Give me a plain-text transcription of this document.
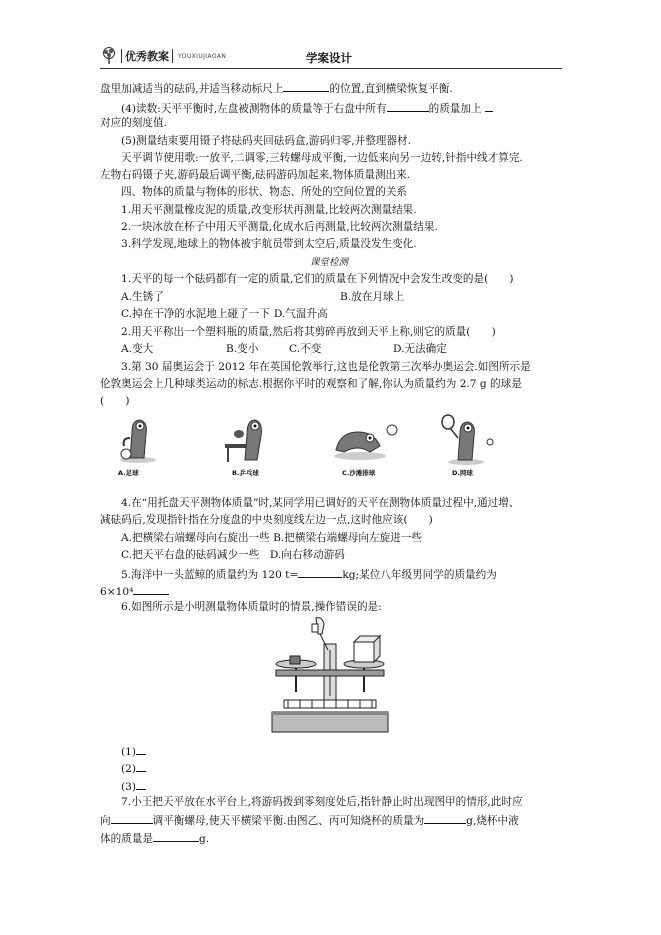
优秀教案 YOUXIUJIAOAN	学案设计
盘里加减适当的砝码,并适当移动标尺上	的位置,直到横梁恢复平衡.
(4)读数:天平平衡时,左盘被测物体的质量等于右盘中所有	的质量加上
对应的刻度值.
(5)测量结束要用镊子将砝码夹回砝码盒,游码归零,并整理器材.
天平调节使用歌:一放平,二调零,三转螺母成平衡,一边低来向另一边转,针指中线才算完.
左物右码镊子夹,游码最后调平衡,砝码游码加起来,物体质量测出来.
四、物体的质量与物体的形状、物态、所处的空间位置的关系
1.用天平测量橡皮泥的质量,改变形状再测量,比较两次测量结果.
2.一块冰放在杯子中用天平测量,化成水后再测量,比较两次测量结果.
3.科学发现,地球上的物体被宇航员带到太空后,质量没发生变化.
课堂检测
1.天平的每一个砝码都有一定的质量,它们的质量在下列情况中会发生改变的是(　　)
A.生锈了	B.放在月球上
C.掉在干净的水泥地上碰了一下 D.气温升高
2.用天平称出一个塑料瓶的质量,然后将其剪碎再放到天平上称,则它的质量(　　)
A.变大	B.变小	C.不变	D.无法确定
3.第 30 届奥运会于 2012 年在英国伦敦举行,这也是伦敦第三次举办奥运会.如图所示是
伦敦奥运会上几种球类运动的标志.根据你平时的观察和了解,你认为质量约为 2.7 g 的球是
(　　)
A.足球	B.乒乓球	C.沙滩排球	D.网球
4.在“用托盘天平测物体质量”时,某同学用已调好的天平在测物体质量过程中,通过增、
减砝码后,发现指针指在分度盘的中央刻度线左边一点,这时他应该(　　)
A.把横梁右端螺母向右旋出一些 B.把横梁右端螺母向左旋进一些
C.把天平右盘的砝码减少一些　D.向右移动游码
5.海洋中一头蓝鲸的质量约为 120 t=	kg;某位八年级男同学的质量约为
6×10⁴
6.如图所示是小明测量物体质量时的情景,操作错误的是:
(1)
(2)
(3)
7.小王把天平放在水平台上,将游码拨到零刻度处后,指针静止时出现图甲的情形,此时应
向	调平衡螺母,使天平横梁平衡.由图乙、丙可知烧杯的质量为	g,烧杯中液
体的质量是	g.
